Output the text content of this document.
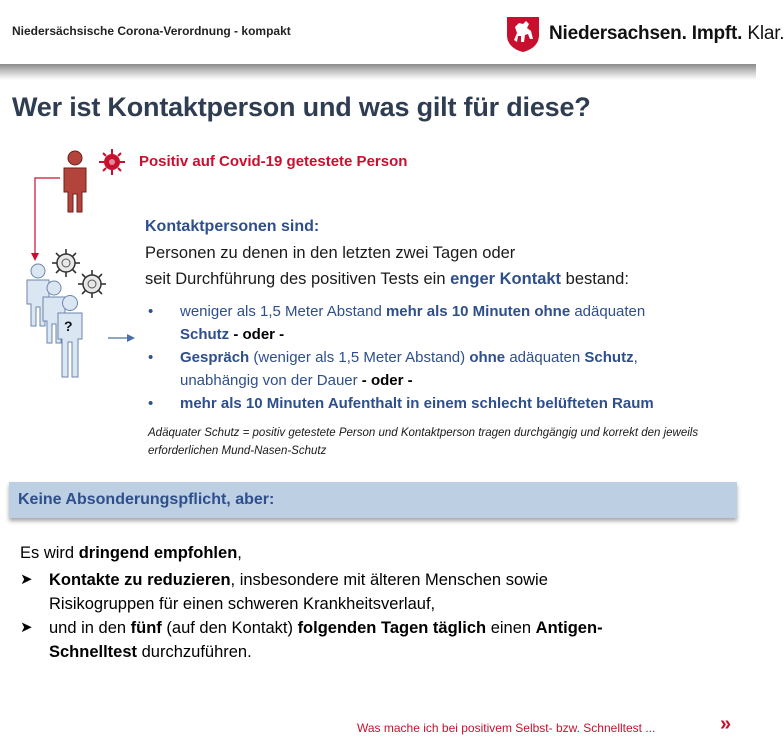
Niedersächsische Corona-Verordnung - kompakt	Niedersachsen. Impft. Klar.
Wer ist Kontaktperson und was gilt für diese?
?
Positiv auf Covid-19 getestete Person
Kontaktpersonen sind:
Personen zu denen in den letzten zwei Tagen oder
seit Durchführung des positiven Tests ein enger Kontakt bestand:
• weniger als 1,5 Meter Abstand mehr als 10 Minuten ohne adäquaten
Schutz - oder -
• Gespräch (weniger als 1,5 Meter Abstand) ohne adäquaten Schutz,
unabhängig von der Dauer - oder -
• mehr als 10 Minuten Aufenthalt in einem schlecht belüfteten Raum
Adäquater Schutz = positiv getestete Person und Kontaktperson tragen durchgängig und korrekt den jeweils erforderlichen Mund-Nasen-Schutz
Keine Absonderungspflicht, aber:
Es wird dringend empfohlen,
➤ Kontakte zu reduzieren, insbesondere mit älteren Menschen sowie
Risikogruppen für einen schweren Krankheitsverlauf,
➤ und in den fünf (auf den Kontakt) folgenden Tagen täglich einen Antigen-
Schnelltest durchzuführen.
Was mache ich bei positivem Selbst- bzw. Schnelltest ...	»
